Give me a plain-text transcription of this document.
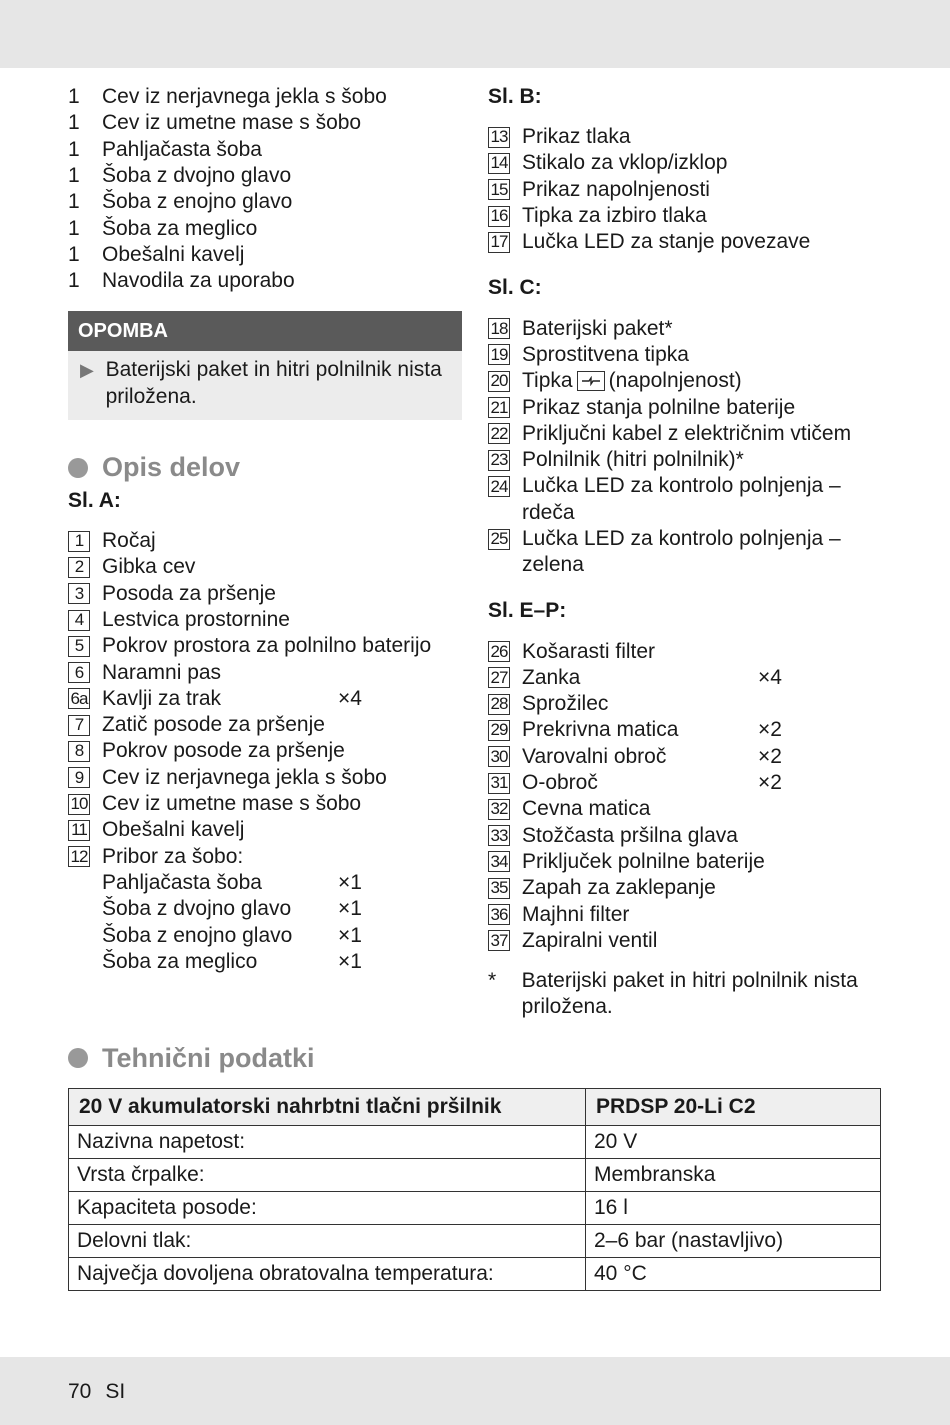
1	Cev iz nerjavnega jekla s šobo
1	Cev iz umetne mase s šobo
1	Pahljačasta šoba
1	Šoba z dvojno glavo
1	Šoba z enojno glavo
1	Šoba za meglico
1	Obešalni kavelj
1	Navodila za uporabo
OPOMBA
▶ Baterijski paket in hitri polnilnik nista priložena.
Opis delov
Sl. A:
1 Ročaj
2 Gibka cev
3 Posoda za pršenje
4 Lestvica prostornine
5 Pokrov prostora za polnilno baterijo
6 Naramni pas
6a Kavlji za trak	×4
7 Zatič posode za pršenje
8 Pokrov posode za pršenje
9 Cev iz nerjavnega jekla s šobo
10 Cev iz umetne mase s šobo
11 Obešalni kavelj
12 Pribor za šobo:
Pahljačasta šoba	×1
Šoba z dvojno glavo	×1
Šoba z enojno glavo	×1
Šoba za meglico	×1
Sl. B:
13 Prikaz tlaka
14 Stikalo za vklop/izklop
15 Prikaz napolnjenosti
16 Tipka za izbiro tlaka
17 Lučka LED za stanje povezave
Sl. C:
18 Baterijski paket*
19 Sprostitvena tipka
20 Tipka (napolnjenost)
21 Prikaz stanja polnilne baterije
22 Priključni kabel z električnim vtičem
23 Polnilnik (hitri polnilnik)*
24 Lučka LED za kontrolo polnjenja – rdeča
25 Lučka LED za kontrolo polnjenja – zelena
Sl. E–P:
26 Košarasti filter
27 Zanka	×4
28 Sprožilec
29 Prekrivna matica	×2
30 Varovalni obroč	×2
31 O-obroč	×2
32 Cevna matica
33 Stožčasta pršilna glava
34 Priključek polnilne baterije
35 Zapah za zaklepanje
36 Majhni filter
37 Zapiralni ventil
*	Baterijski paket in hitri polnilnik nista priložena.
Tehnični podatki
20 V akumulatorski nahrbtni tlačni pršilnik	PRDSP 20-Li C2
Nazivna napetost:	20 V
Vrsta črpalke:	Membranska
Kapaciteta posode:	16 l
Delovni tlak:	2–6 bar (nastavljivo)
Največja dovoljena obratovalna temperatura:	40 °C
70 SI
